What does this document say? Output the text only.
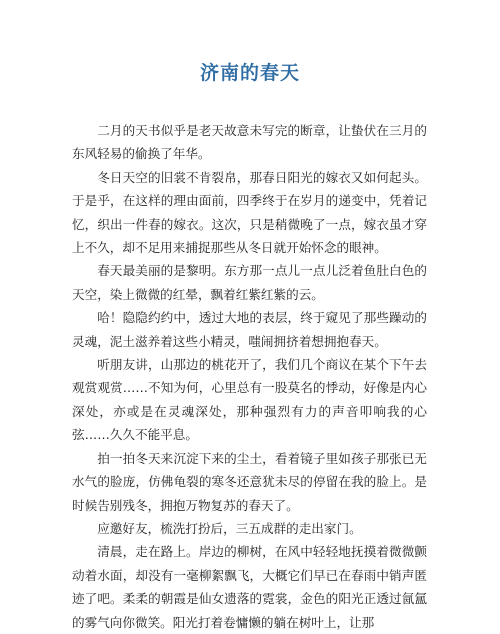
济南的春天

二月的天书似乎是老天故意未写完的断章，让蛰伏在三月的东风轻易的偷换了年华。

冬日天空的旧裳不肯裂帛，那春日阳光的嫁衣又如何起头。于是乎，在这样的理由面前，四季终于在岁月的递变中，凭着记忆，织出一件春的嫁衣。这次，只是稍微晚了一点，嫁衣虽才穿上不久，却不足用来捕捉那些从冬日就开始怀念的眼神。

春天最美丽的是黎明。东方那一点儿一点儿泛着鱼肚白色的天空，染上微微的红晕，飘着红紫红紫的云。

哈！隐隐约约中，透过大地的表层，终于窥见了那些躁动的灵魂，泥土滋养着这些小精灵，嗤闹拥挤着想拥抱春天。

听朋友讲，山那边的桃花开了，我们几个商议在某个下午去观赏观赏……不知为何，心里总有一股莫名的悸动，好像是内心深处，亦或是在灵魂深处，那种强烈有力的声音叩响我的心弦……久久不能平息。

拍一拍冬天来沉淀下来的尘土，看着镜子里如孩子那张已无水气的脸庞，仿佛龟裂的寒冬还意犹未尽的停留在我的脸上。是时候告别残冬，拥抱万物复苏的春天了。

应邀好友，梳洗打扮后，三五成群的走出家门。

清晨，走在路上。岸边的柳树，在风中轻轻地抚摸着微微颤动着水面，却没有一毫柳絮飘飞，大概它们早已在春雨中销声匿迹了吧。柔柔的朝霞是仙女遗落的霓裳，金色的阳光正透过氤氲的雾气向你微笑。阳光打着卷慵懒的躺在树叶上，让那
